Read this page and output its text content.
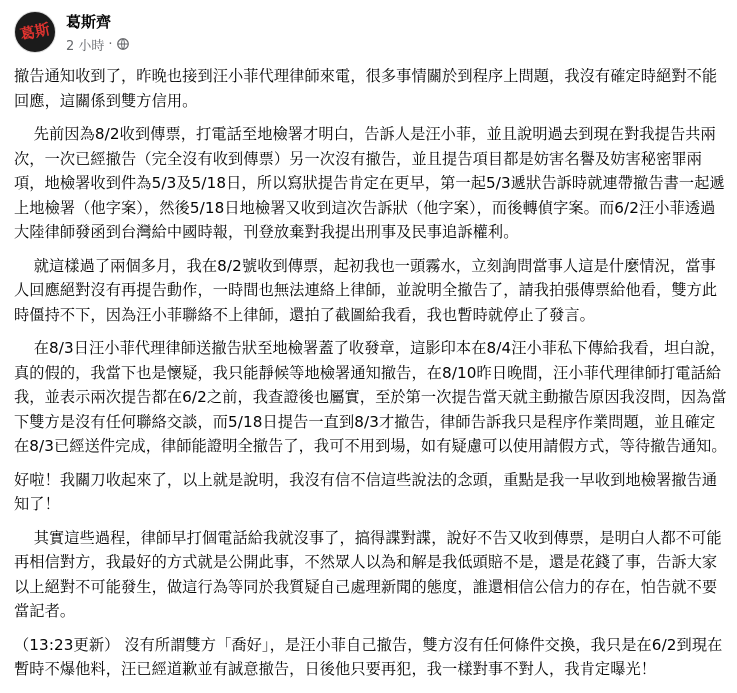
葛斯 葛斯齊
2 小時 ·

撤告通知收到了，昨晚也接到汪小菲代理律師來電，很多事情關於到程序上問題，我沒有確定時絕對不能回應，這關係到雙方信用。

先前因為8/2收到傳票，打電話至地檢署才明白，告訴人是汪小菲，並且說明過去到現在對我提告共兩次，一次已經撤告（完全沒有收到傳票）另一次沒有撤告，並且提告項目都是妨害名譽及妨害秘密罪兩項，地檢署收到件為5/3及5/18日，所以寫狀提告肯定在更早，第一起5/3遞狀告訴時就連帶撤告書一起遞上地檢署（他字案），然後5/18日地檢署又收到這次告訴狀（他字案），而後轉偵字案。而6/2汪小菲透過大陸律師發函到台灣給中國時報，刊登放棄對我提出刑事及民事追訴權利。

就這樣過了兩個多月，我在8/2號收到傳票，起初我也一頭霧水，立刻詢問當事人這是什麼情況，當事人回應絕對沒有再提告動作，一時間也無法連絡上律師，並說明全撤告了，請我拍張傳票給他看，雙方此時僵持不下，因為汪小菲聯絡不上律師，還拍了截圖給我看，我也暫時就停止了發言。

在8/3日汪小菲代理律師送撤告狀至地檢署蓋了收發章，這影印本在8/4汪小菲私下傳給我看，坦白說，真的假的，我當下也是懷疑，我只能靜候等地檢署通知撤告，在8/10昨日晚間，汪小菲代理律師打電話給我，並表示兩次提告都在6/2之前，我查證後也屬實，至於第一次提告當天就主動撤告原因我沒問，因為當下雙方是沒有任何聯絡交談，而5/18日提告一直到8/3才撤告，律師告訴我只是程序作業問題，並且確定在8/3已經送件完成，律師能證明全撤告了，我可不用到場，如有疑慮可以使用請假方式，等待撤告通知。

好啦！我關刀收起來了，以上就是說明，我沒有信不信這些說法的念頭，重點是我一早收到地檢署撤告通知了！

其實這些過程，律師早打個電話給我就沒事了，搞得諜對諜，說好不告又收到傳票，是明白人都不可能再相信對方，我最好的方式就是公開此事，不然眾人以為和解是我低頭賠不是，還是花錢了事，告訴大家以上絕對不可能發生，做這行為等同於我質疑自己處理新聞的態度，誰還相信公信力的存在，怕告就不要當記者。

（13:23更新） 沒有所謂雙方「喬好」，是汪小菲自己撤告，雙方沒有任何條件交換，我只是在6/2到現在暫時不爆他料，汪已經道歉並有誠意撤告，日後他只要再犯，我一樣對事不對人，我肯定曝光！
